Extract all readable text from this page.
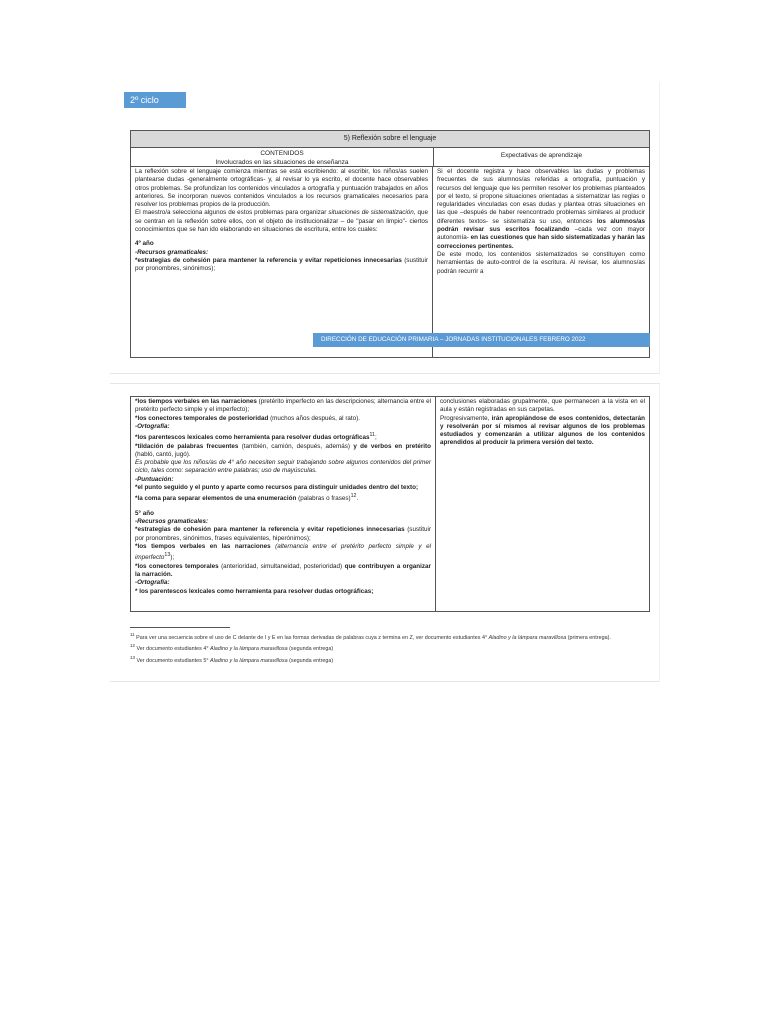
2º ciclo
5) Reflexión sobre el lenguaje
CONTENIDOS
Involucrados en las situaciones de enseñanza
Expectativas de aprendizaje

La reflexión sobre el lenguaje comienza mientras se está escribiendo: al escribir, los niños/as suelen plantearse dudas -generalmente ortográficas- y, al revisar lo ya escrito, el docente hace observables otros problemas. Se profundizan los contenidos vinculados a ortografía y puntuación trabajados en años anteriores. Se incorporan nuevos contenidos vinculados a los recursos gramaticales necesarios para resolver los problemas propios de la producción.

El maestro/a selecciona algunos de estos problemas para organizar situaciones de sistematización, que se centran en la reflexión sobre ellos, con el objeto de institucionalizar – de "pasar en limpio"- ciertos conocimientos que se han ido elaborando en situaciones de escritura, entre los cuales:

4º año

-Recursos gramaticales:

*estrategias de cohesión para mantener la referencia y evitar repeticiones innecesarias (sustituir por pronombres, sinónimos);

Si el docente registra y hace observables las dudas y problemas frecuentes de sus alumnos/as referidas a ortografía, puntuación y recursos del lenguaje que les permiten resolver los problemas planteados por el texto, si propone situaciones orientadas a sistematizar las reglas o regularidades vinculadas con esas dudas y plantea otras situaciones en las que –después de haber reencontrado problemas similares al producir diferentes textos- se sistematiza su uso, entonces los alumnos/as podrán revisar sus escritos focalizando –cada vez con mayor autonomía- en las cuestiones que han sido sistematizadas y harán las correcciones pertinentes.

De este modo, los contenidos sistematizados se constituyen como herramientas de auto-control de la escritura. Al revisar, los alumnos/as podrán recurrir a

DIRECCIÓN DE EDUCACIÓN PRIMARIA – JORNADAS INSTITUCIONALES FEBRERO 2022

*los tiempos verbales en las narraciones (pretérito imperfecto en las descripciones; alternancia entre el pretérito perfecto simple y el imperfecto);

*los conectores temporales de posterioridad (muchos años después, al rato).

-Ortografía:

*los parentescos lexicales como herramienta para resolver dudas ortográficas$^{11}$;

*tildación de palabras frecuentes (también, camión, después, además) y de verbos en pretérito (habló, cantó, jugó).

Es probable que los niños/as de 4° año necesiten seguir trabajando sobre algunos contenidos del primer ciclo, tales como: separación entre palabras; uso de mayúsculas.

-Puntuación:

*el punto seguido y el punto y aparte como recursos para distinguir unidades dentro del texto;

*la coma para separar elementos de una enumeración (palabras o frases)$^{12}$.

5° año

-Recursos gramaticales:

*estrategias de cohesión para mantener la referencia y evitar repeticiones innecesarias (sustituir por pronombres, sinónimos, frases equivalentes, hiperónimos);

*los tiempos verbales en las narraciones (alternancia entre el pretérito perfecto simple y el imperfecto$^{13}$);

*los conectores temporales (anterioridad, simultaneidad, posterioridad) que contribuyen a organizar la narración.

-Ortografía:

* los parentescos lexicales como herramienta para resolver dudas ortográficas;

conclusiones elaboradas grupalmente, que permanecen a la vista en el aula y están registradas en sus carpetas.

Progresivamente, irán apropiándose de esos contenidos, detectarán y resolverán por sí mismos al revisar algunos de los problemas estudiados y comenzarán a utilizar algunos de los contenidos aprendidos al producir la primera versión del texto.

$^{11}$ Para ver una secuencia sobre el uso de C delante de I y E en las formas derivadas de palabras cuya z termina en Z, ver documento estudiantes 4° Aladino y la lámpara maravillosa (primera entrega).

$^{12}$ Ver documento estudiantes 4° Aladino y la lámpara maravillosa (segunda entrega)

$^{13}$ Ver documento estudiantes 5° Aladino y la lámpara maravillosa (segunda entrega)
